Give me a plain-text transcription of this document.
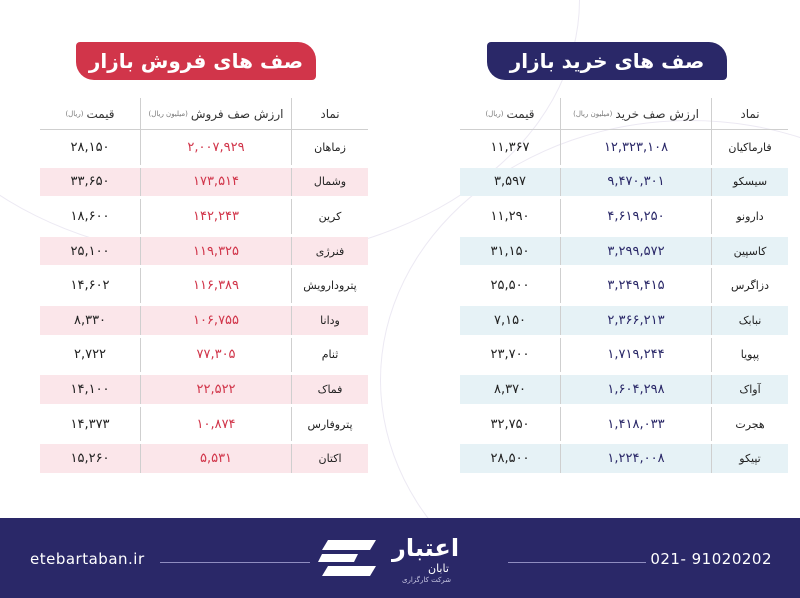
صف های فروش بازار	صف های خرید بازار
نماد
ارزش صف فروش
(میلیون ریال)
قیمت
(ریال)
زماهان
۲,۰۰۷,۹۲۹
۲۸,۱۵۰
وشمال
۱۷۳,۵۱۴
۳۳,۶۵۰
کرین
۱۴۲,۲۴۳
۱۸,۶۰۰
فنرژی
۱۱۹,۳۲۵
۲۵,۱۰۰
پترودارویش
۱۱۶,۳۸۹
۱۴,۶۰۲
ودانا
۱۰۶,۷۵۵
۸,۳۳۰
ثنام
۷۷,۳۰۵
۲,۷۲۲
فماک
۲۲,۵۲۲
۱۴,۱۰۰
پتروفارس
۱۰,۸۷۴
۱۴,۳۷۳
اکتان
۵,۵۳۱
۱۵,۲۶۰
نماد
ارزش صف خرید
(میلیون ریال)
قیمت
(ریال)
فارماکیان
۱۲,۳۲۳,۱۰۸
۱۱,۳۶۷
سیسکو
۹,۴۷۰,۳۰۱
۳,۵۹۷
دارونو
۴,۶۱۹,۲۵۰
۱۱,۲۹۰
کاسپین
۳,۲۹۹,۵۷۲
۳۱,۱۵۰
دزاگرس
۳,۲۴۹,۴۱۵
۲۵,۵۰۰
نبابک
۲,۳۶۶,۲۱۳
۷,۱۵۰
پپویا
۱,۷۱۹,۲۴۴
۲۳,۷۰۰
آواک
۱,۶۰۴,۲۹۸
۸,۳۷۰
هجرت
۱,۴۱۸,۰۳۳
۳۲,۷۵۰
تپیکو
۱,۲۲۴,۰۰۸
۲۸,۵۰۰
etebartaban.ir	اعتبار
تابان
شرکت کارگزاری
021- 91020202
